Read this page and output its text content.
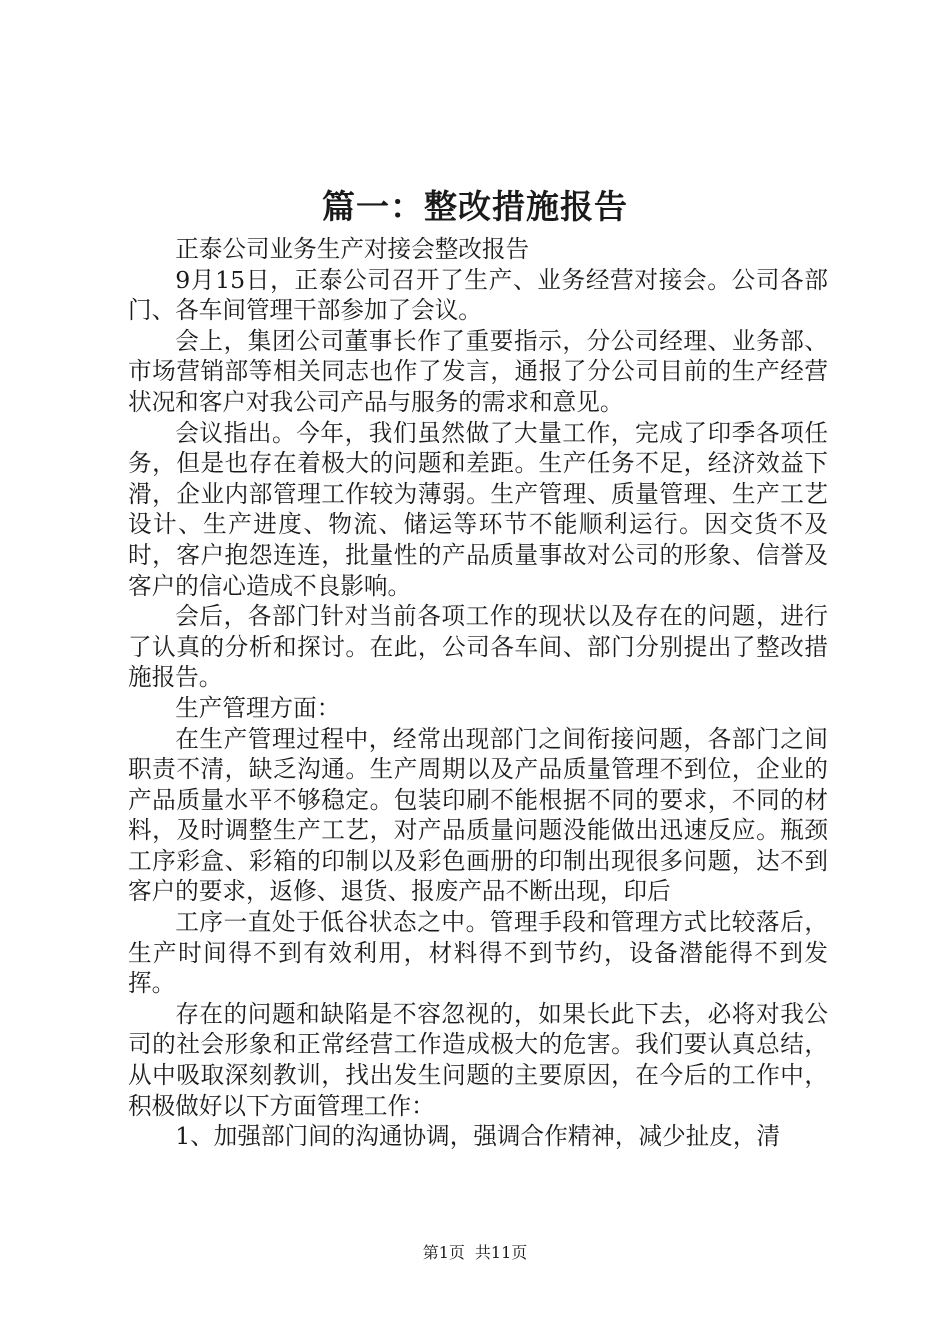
篇一：整改措施报告

正泰公司业务生产对接会整改报告

9月15日，正泰公司召开了生产、业务经营对接会。公司各部门、各车间管理干部参加了会议。

会上，集团公司董事长作了重要指示，分公司经理、业务部、市场营销部等相关同志也作了发言，通报了分公司目前的生产经营状况和客户对我公司产品与服务的需求和意见。

会议指出。今年，我们虽然做了大量工作，完成了印季各项任务，但是也存在着极大的问题和差距。生产任务不足，经济效益下滑，企业内部管理工作较为薄弱。生产管理、质量管理、生产工艺设计、生产进度、物流、储运等环节不能顺利运行。因交货不及时，客户抱怨连连，批量性的产品质量事故对公司的形象、信誉及客户的信心造成不良影响。

会后，各部门针对当前各项工作的现状以及存在的问题，进行了认真的分析和探讨。在此，公司各车间、部门分别提出了整改措施报告。

生产管理方面：

在生产管理过程中，经常出现部门之间衔接问题，各部门之间职责不清，缺乏沟通。生产周期以及产品质量管理不到位，企业的产品质量水平不够稳定。包装印刷不能根据不同的要求，不同的材料，及时调整生产工艺，对产品质量问题没能做出迅速反应。瓶颈工序彩盒、彩箱的印制以及彩色画册的印制出现很多问题，达不到客户的要求，返修、退货、报废产品不断出现，印后

工序一直处于低谷状态之中。管理手段和管理方式比较落后，生产时间得不到有效利用，材料得不到节约，设备潜能得不到发挥。

存在的问题和缺陷是不容忽视的，如果长此下去，必将对我公司的社会形象和正常经营工作造成极大的危害。我们要认真总结，从中吸取深刻教训，找出发生问题的主要原因，在今后的工作中，积极做好以下方面管理工作：

1、加强部门间的沟通协调，强调合作精神，减少扯皮，清

第1页 共11页
